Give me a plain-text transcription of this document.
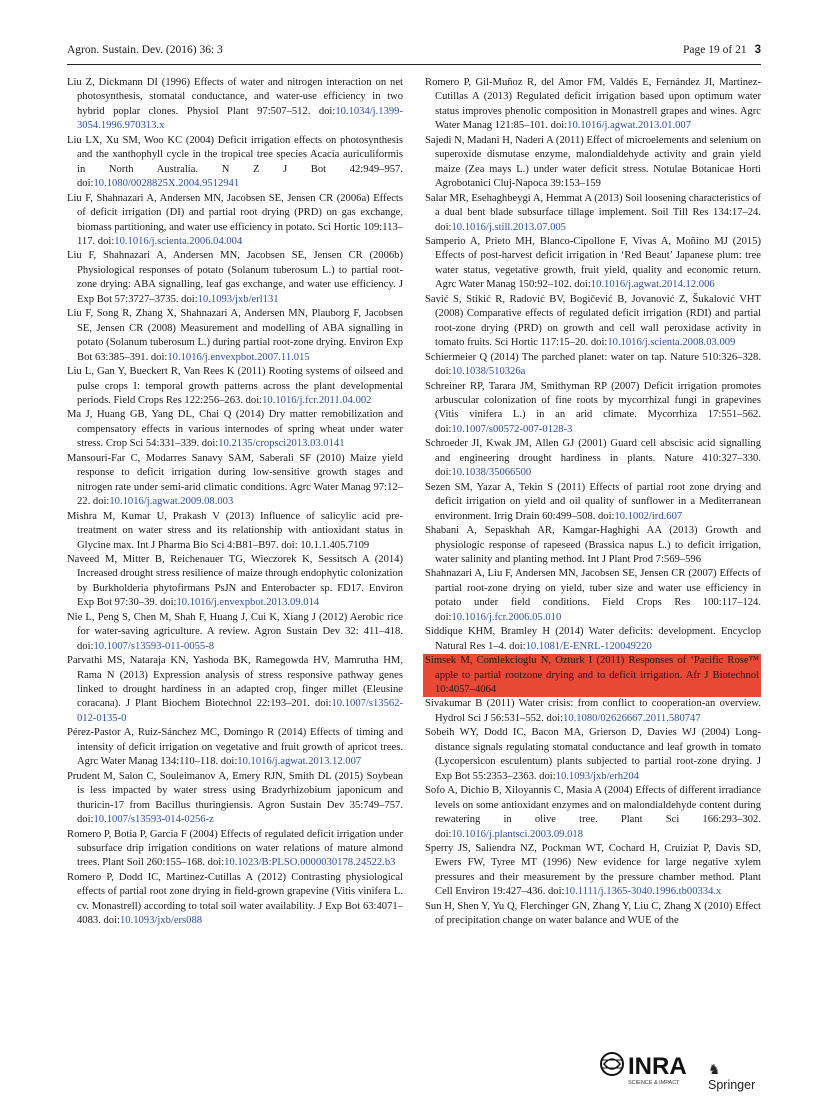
Agron. Sustain. Dev. (2016) 36: 3	Page 19 of 21 3

Liu Z, Dickmann DI (1996) Effects of water and nitrogen interaction on net photosynthesis, stomatal conductance, and water-use efficiency in two hybrid poplar clones. Physiol Plant 97:507–512. doi:10.1034/j.1399-3054.1996.970313.x

Liu LX, Xu SM, Woo KC (2004) Deficit irrigation effects on photosynthesis and the xanthophyll cycle in the tropical tree species Acacia auriculiformis in North Australia. N Z J Bot 42:949–957. doi:10.1080/0028825X.2004.9512941

Liu F, Shahnazari A, Andersen MN, Jacobsen SE, Jensen CR (2006a) Effects of deficit irrigation (DI) and partial root drying (PRD) on gas exchange, biomass partitioning, and water use efficiency in potato. Sci Hortic 109:113–117. doi:10.1016/j.scienta.2006.04.004

Liu F, Shahnazari A, Andersen MN, Jacobsen SE, Jensen CR (2006b) Physiological responses of potato (Solanum tuberosum L.) to partial root-zone drying: ABA signalling, leaf gas exchange, and water use efficiency. J Exp Bot 57:3727–3735. doi:10.1093/jxb/erl131

Liu F, Song R, Zhang X, Shahnazari A, Andersen MN, Plauborg F, Jacobsen SE, Jensen CR (2008) Measurement and modelling of ABA signalling in potato (Solanum tuberosum L.) during partial root-zone drying. Environ Exp Bot 63:385–391. doi:10.1016/j.envexpbot.2007.11.015

Liu L, Gan Y, Bueckert R, Van Rees K (2011) Rooting systems of oilseed and pulse crops I: temporal growth patterns across the plant developmental periods. Field Crops Res 122:256–263. doi:10.1016/j.fcr.2011.04.002

Ma J, Huang GB, Yang DL, Chai Q (2014) Dry matter remobilization and compensatory effects in various internodes of spring wheat under water stress. Crop Sci 54:331–339. doi:10.2135/cropsci2013.03.0141

Mansouri-Far C, Modarres Sanavy SAM, Saberali SF (2010) Maize yield response to deficit irrigation during low-sensitive growth stages and nitrogen rate under semi-arid climatic conditions. Agrc Water Manag 97:12–22. doi:10.1016/j.agwat.2009.08.003

Mishra M, Kumar U, Prakash V (2013) Influence of salicylic acid pre-treatment on water stress and its relationship with antioxidant status in Glycine max. Int J Pharma Bio Sci 4:B81–B97. doi: 10.1.1.405.7109

Naveed M, Mitter B, Reichenauer TG, Wieczorek K, Sessitsch A (2014) Increased drought stress resilience of maize through endophytic colonization by Burkholderia phytofirmans PsJN and Enterobacter sp. FD17. Environ Exp Bot 97:30–39. doi:10.1016/j.envexpbot.2013.09.014

Nie L, Peng S, Chen M, Shah F, Huang J, Cui K, Xiang J (2012) Aerobic rice for water-saving agriculture. A review. Agron Sustain Dev 32: 411–418. doi:10.1007/s13593-011-0055-8

Parvathi MS, Nataraja KN, Yashoda BK, Ramegowda HV, Mamrutha HM, Rama N (2013) Expression analysis of stress responsive pathway genes linked to drought hardiness in an adapted crop, finger millet (Eleusine coracana). J Plant Biochem Biotechnol 22:193–201. doi:10.1007/s13562-012-0135-0

Pérez-Pastor A, Ruiz-Sánchez MC, Domingo R (2014) Effects of timing and intensity of deficit irrigation on vegetative and fruit growth of apricot trees. Agrc Water Manag 134:110–118. doi:10.1016/j.agwat.2013.12.007

Prudent M, Salon C, Souleimanov A, Emery RJN, Smith DL (2015) Soybean is less impacted by water stress using Bradyrhizobium japonicum and thuricin-17 from Bacillus thuringiensis. Agron Sustain Dev 35:749–757. doi:10.1007/s13593-014-0256-z

Romero P, Botia P, Garcia F (2004) Effects of regulated deficit irrigation under subsurface drip irrigation conditions on water relations of mature almond trees. Plant Soil 260:155–168. doi:10.1023/B:PLSO.0000030178.24522.b3

Romero P, Dodd IC, Martinez-Cutillas A (2012) Contrasting physiological effects of partial root zone drying in field-grown grapevine (Vitis vinifera L. cv. Monastrell) according to total soil water availability. J Exp Bot 63:4071–4083. doi:10.1093/jxb/ers088

Romero P, Gil-Muñoz R, del Amor FM, Valdés E, Fernández JI, Martinez-Cutillas A (2013) Regulated deficit irrigation based upon optimum water status improves phenolic composition in Monastrell grapes and wines. Agrc Water Manag 121:85–101. doi:10.1016/j.agwat.2013.01.007

Sajedi N, Madani H, Naderi A (2011) Effect of microelements and selenium on superoxide dismutase enzyme, malondialdehyde activity and grain yield maize (Zea mays L.) under water deficit stress. Notulae Botanicae Horti Agrobotanici Cluj-Napoca 39:153–159

Salar MR, Esehaghbeygi A, Hemmat A (2013) Soil loosening characteristics of a dual bent blade subsurface tillage implement. Soil Till Res 134:17–24. doi:10.1016/j.still.2013.07.005

Samperio A, Prieto MH, Blanco-Cipollone F, Vivas A, Moñino MJ (2015) Effects of post-harvest deficit irrigation in ‘Red Beaut’ Japanese plum: tree water status, vegetative growth, fruit yield, quality and economic return. Agrc Water Manag 150:92–102. doi:10.1016/j.agwat.2014.12.006

Savić S, Stikić R, Radović BV, Bogičević B, Jovanović Z, Šukalović VHT (2008) Comparative effects of regulated deficit irrigation (RDI) and partial root-zone drying (PRD) on growth and cell wall peroxidase activity in tomato fruits. Sci Hortic 117:15–20. doi:10.1016/j.scienta.2008.03.009

Schiermeier Q (2014) The parched planet: water on tap. Nature 510:326–328. doi:10.1038/510326a

Schreiner RP, Tarara JM, Smithyman RP (2007) Deficit irrigation promotes arbuscular colonization of fine roots by mycorrhizal fungi in grapevines (Vitis vinifera L.) in an arid climate. Mycorrhiza 17:551–562. doi:10.1007/s00572-007-0128-3

Schroeder JI, Kwak JM, Allen GJ (2001) Guard cell abscisic acid signalling and engineering drought hardiness in plants. Nature 410:327–330. doi:10.1038/35066500

Sezen SM, Yazar A, Tekin S (2011) Effects of partial root zone drying and deficit irrigation on yield and oil quality of sunflower in a Mediterranean environment. Irrig Drain 60:499–508. doi:10.1002/ird.607

Shabani A, Sepaskhah AR, Kamgar-Haghighi AA (2013) Growth and physiologic response of rapeseed (Brassica napus L.) to deficit irrigation, water salinity and planting method. Int J Plant Prod 7:569–596

Shahnazari A, Liu F, Andersen MN, Jacobsen SE, Jensen CR (2007) Effects of partial root-zone drying on yield, tuber size and water use efficiency in potato under field conditions. Field Crops Res 100:117–124. doi:10.1016/j.fcr.2006.05.010

Siddique KHM, Bramley H (2014) Water deficits: development. Encyclop Natural Res 1–4. doi:10.1081/E-ENRL-120049220

Simsek M, Comlekcioglu N, Ozturk I (2011) Responses of ‘Pacific Rose™ apple to partial rootzone drying and to deficit irrigation. Afr J Biotechnol 10:4057–4064

Sivakumar B (2011) Water crisis: from conflict to cooperation-an overview. Hydrol Sci J 56:531–552. doi:10.1080/02626667.2011.580747

Sobeih WY, Dodd IC, Bacon MA, Grierson D, Davies WJ (2004) Long-distance signals regulating stomatal conductance and leaf growth in tomato (Lycopersicon esculentum) plants subjected to partial root-zone drying. J Exp Bot 55:2353–2363. doi:10.1093/jxb/erh204

Sofo A, Dichio B, Xiloyannis C, Masia A (2004) Effects of different irradiance levels on some antioxidant enzymes and on malondialdehyde content during rewatering in olive tree. Plant Sci 166:293–302. doi:10.1016/j.plantsci.2003.09.018

Sperry JS, Saliendra NZ, Pockman WT, Cochard H, Cruiziat P, Davis SD, Ewers FW, Tyree MT (1996) New evidence for large negative xylem pressures and their measurement by the pressure chamber method. Plant Cell Environ 19:427–436. doi:10.1111/j.1365-3040.1996.tb00334.x

Sun H, Shen Y, Yu Q, Flerchinger GN, Zhang Y, Liu C, Zhang X (2010) Effect of precipitation change on water balance and WUE of the

INRA
SCIENCE & IMPACT
♞Springer
